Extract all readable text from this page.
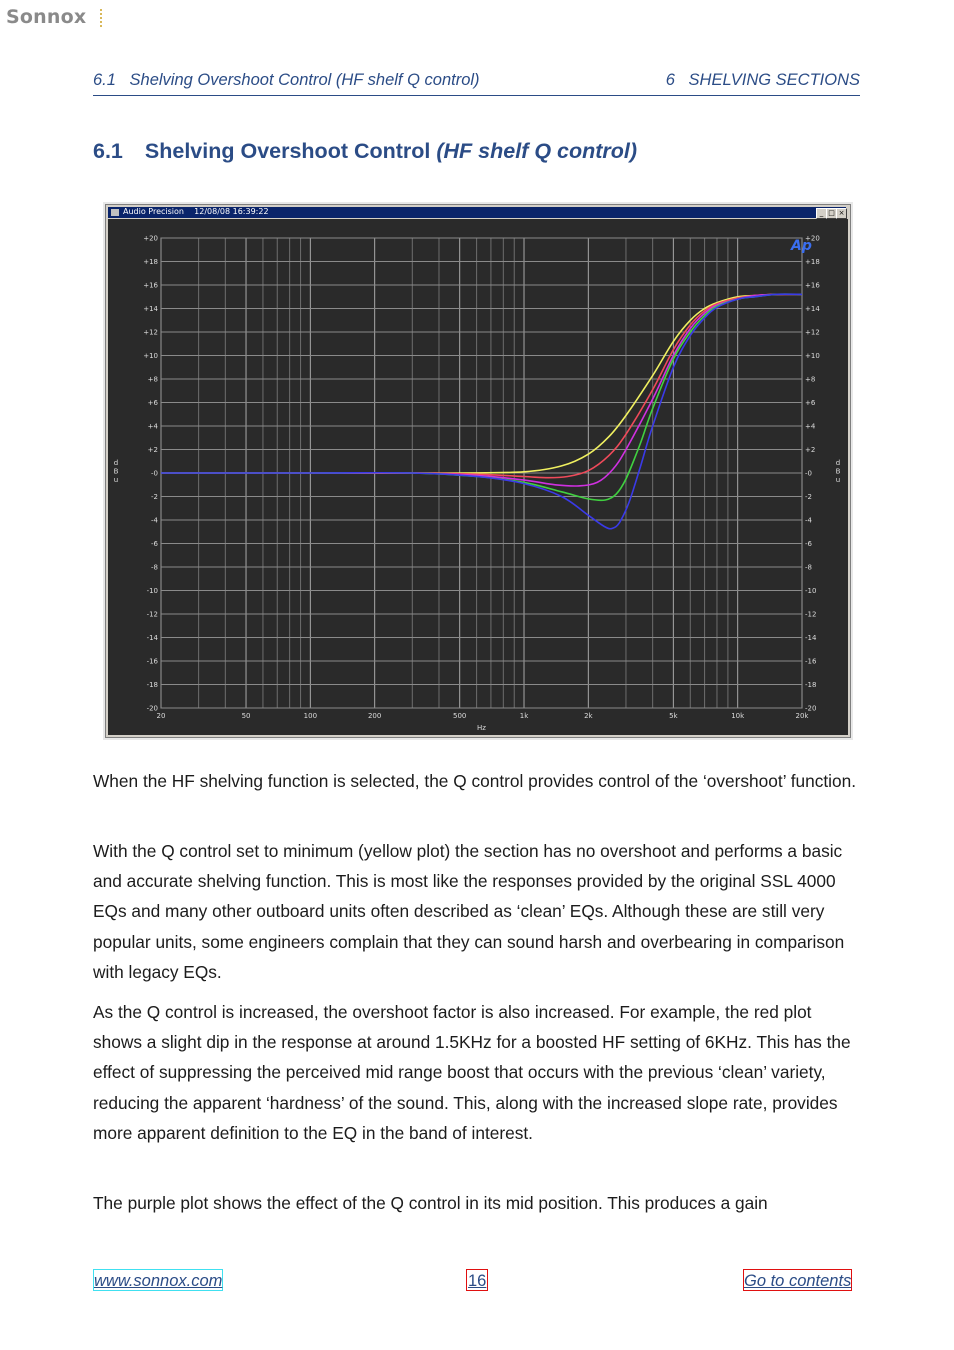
Sonnox
6.1 Shelving Overshoot Control (HF shelf Q control)	6 SHELVING SECTIONS
6.1 Shelving Overshoot Control (HF shelf Q control)
Audio Precision    12/08/08 16:39:22	_ □ ×
20	50	100	200	500	1k	2k	5k	10k	20k
+20	+20
+18	+18
+16	+16
+14	+14
+12	+12
+10	+10
+8	+8
+6	+6
+4	+4
+2	+2
-0	-0
-2	-2
-4	-4
-6	-6
-8	-8
-10	-10
-12	-12
-14	-14
-16	-16
-18	-18
-20	-20
Hz
d B u
d B u
Ap

When the HF shelving function is selected, the Q control provides control of the ‘overshoot’ function.

With the Q control set to minimum (yellow plot) the section has no overshoot and performs a basic and accurate shelving function. This is most like the responses provided by the original SSL 4000 EQs and many other outboard units often described as ‘clean’ EQs. Although these are still very popular units, some engineers complain that they can sound harsh and overbearing in comparison with legacy EQs.

As the Q control is increased, the overshoot factor is also increased. For example, the red plot shows a slight dip in the response at around 1.5KHz for a boosted HF setting of 6KHz. This has the effect of suppressing the perceived mid range boost that occurs with the previous ‘clean’ variety, reducing the apparent ‘hardness’ of the sound. This, along with the increased slope rate, provides more apparent definition to the EQ in the band of interest.

The purple plot shows the effect of the Q control in its mid position. This produces a gain

www.sonnox.com	16	Go to contents
